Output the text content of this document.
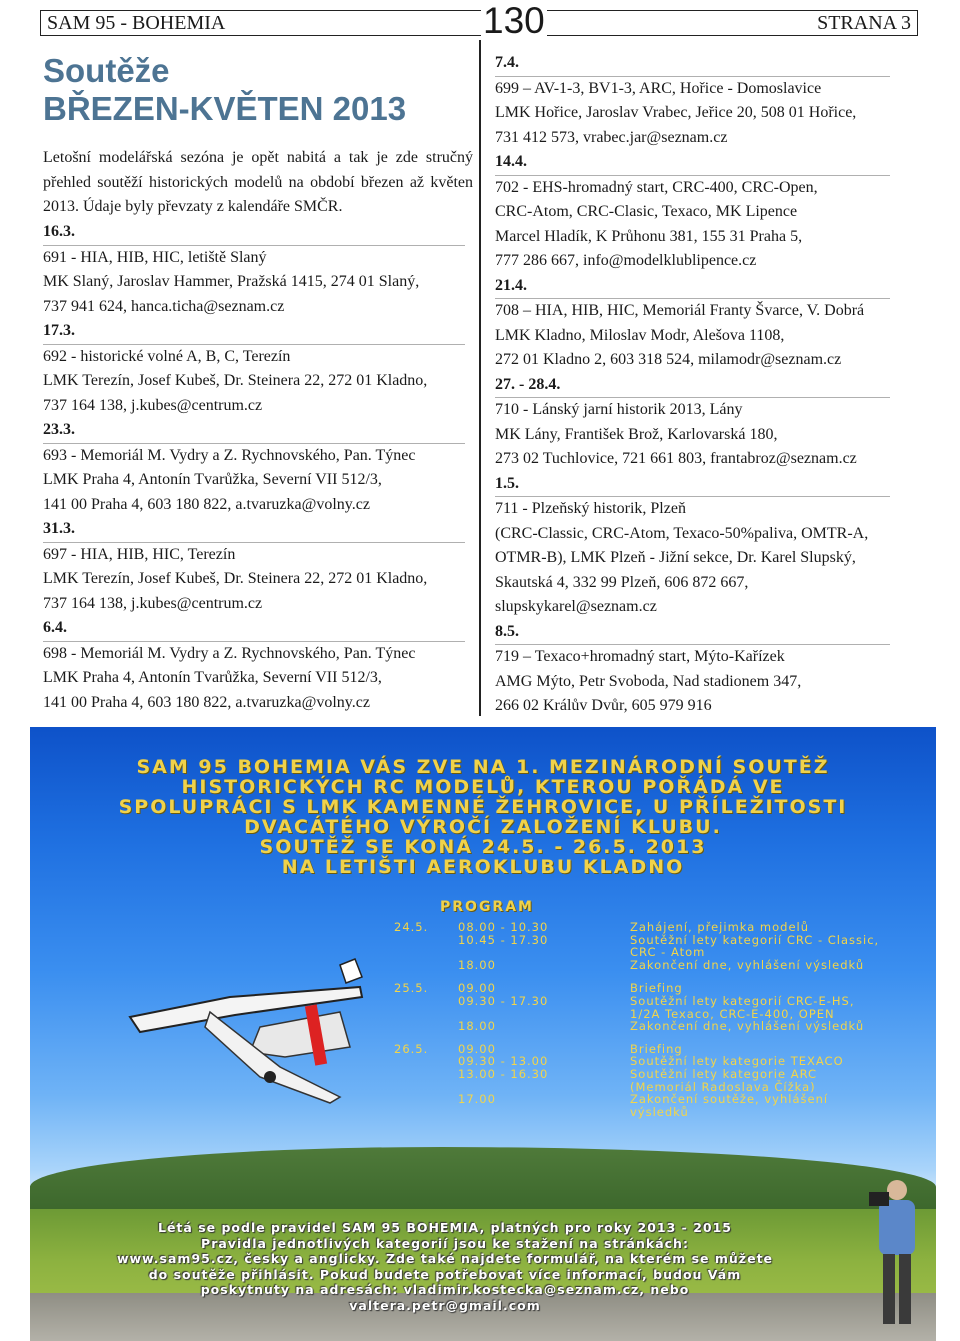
SAM 95 - BOHEMIA	130	STRANA 3
Soutěže
BŘEZEN-KVĚTEN 2013
Letošní modelářská sezóna je opět nabitá a tak je zde stručný přehled soutěží historických modelů na období březen až květen 2013. Údaje byly převzaty z kalendáře SMČR.
16.3.
691 - HIA, HIB, HIC, letiště Slaný
MK Slaný, Jaroslav Hammer, Pražská 1415, 274 01 Slaný,
737 941 624, hanca.ticha@seznam.cz
17.3.
692 - historické volné A, B, C, Terezín
LMK Terezín, Josef Kubeš, Dr. Steinera 22, 272 01 Kladno,
737 164 138, j.kubes@centrum.cz
23.3.
693 - Memoriál M. Vydry a Z. Rychnovského, Pan. Týnec
LMK Praha 4, Antonín Tvarůžka, Severní VII 512/3,
141 00 Praha 4, 603 180 822, a.tvaruzka@volny.cz
31.3.
697 - HIA, HIB, HIC, Terezín
LMK Terezín, Josef Kubeš, Dr. Steinera 22, 272 01 Kladno,
737 164 138, j.kubes@centrum.cz
6.4.
698 - Memoriál M. Vydry a Z. Rychnovského, Pan. Týnec
LMK Praha 4, Antonín Tvarůžka, Severní VII 512/3,
141 00 Praha 4, 603 180 822, a.tvaruzka@volny.cz
7.4.
699 – AV-1-3, BV1-3, ARC, Hořice - Domoslavice
LMK Hořice, Jaroslav Vrabec, Jeřice 20, 508 01 Hořice,
731 412 573, vrabec.jar@seznam.cz
14.4.
702 - EHS-hromadný start, CRC-400, CRC-Open,
CRC-Atom, CRC-Clasic, Texaco, MK Lipence
Marcel Hladík, K Průhonu 381, 155 31 Praha 5,
777 286 667, info@modelklublipence.cz
21.4.
708 – HIA, HIB, HIC, Memoriál Franty Švarce, V. Dobrá
LMK Kladno, Miloslav Modr, Alešova 1108,
272 01 Kladno 2, 603 318 524, milamodr@seznam.cz
27. - 28.4.
710 - Lánský jarní historik 2013, Lány
MK Lány, František Brož, Karlovarská 180,
273 02 Tuchlovice, 721 661 803, frantabroz@seznam.cz
1.5.
711 - Plzeňský historik, Plzeň
(CRC-Classic, CRC-Atom, Texaco-50%paliva, OMTR-A,
OTMR-B), LMK Plzeň - Jižní sekce, Dr. Karel Slupský,
Skautská 4, 332 99 Plzeň, 606 872 667,
slupskykarel@seznam.cz
8.5.
719 – Texaco+hromadný start, Mýto-Kařízek
AMG Mýto, Petr Svoboda, Nad stadionem 347,
266 02 Králův Dvůr, 605 979 916
SAM 95 BOHEMIA VÁS ZVE NA 1. MEZINÁRODNÍ SOUTĚŽ
HISTORICKÝCH RC MODELŮ, KTEROU POŘÁDÁ VE
SPOLUPRÁCI S LMK KAMENNÉ ŽEHROVICE, U PŘÍLEŽITOSTI
DVACÁTÉHO VÝROČÍ ZALOŽENÍ KLUBU.
SOUTĚŽ SE KONÁ 24.5. - 26.5. 2013
NA LETIŠTI AEROKLUBU KLADNO
PROGRAM
24.5.	08.00 - 10.30	Zahájení, přejimka modelů
10.45 - 17.30	Soutěžní lety kategorií CRC - Classic,
CRC - Atom
18.00	Zakončení dne, vyhlášení výsledků
25.5.	09.00	Briefing
09.30 - 17.30	Soutěžní lety kategorií CRC-E-HS,
1/2A Texaco, CRC-E-400, OPEN
18.00	Zakončení dne, vyhlášení výsledků
26.5.	09.00	Briefing
09.30 - 13.00	Soutěžní lety kategorie TEXACO
13.00 - 16.30	Soutěžní lety kategorie ARC
(Memoriál Radoslava Čížka)
17.00	Zakončení soutěže, vyhlášení
výsledků
Létá se podle pravidel SAM 95 BOHEMIA, platných pro roky 2013 - 2015
Pravidla jednotlivých kategorií jsou ke stažení na stránkách:
www.sam95.cz, česky a anglicky. Zde také najdete formulář, na kterém se můžete
do soutěže přihlásit. Pokud budete potřebovat více informací, budou Vám
poskytnuty na adresách: vladimir.kostecka@seznam.cz, nebo
valtera.petr@gmail.com
